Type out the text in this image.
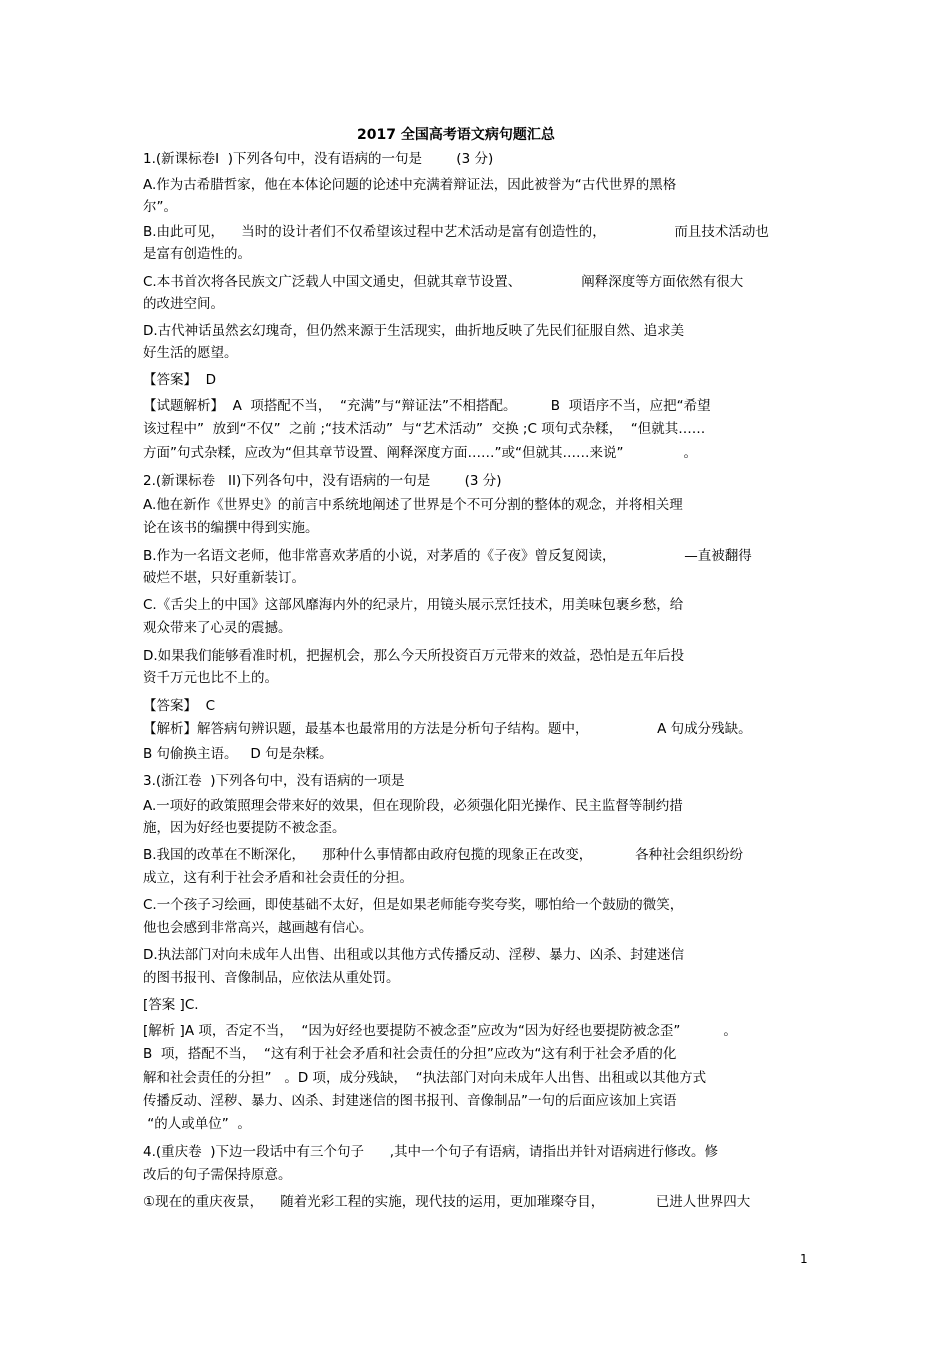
2017 全国高考语文病句题汇总
1.(新课标卷Ⅰ  )下列各句中，没有语病的一句是        (3 分)
A.作为古希腊哲家，他在本体论问题的论述中充满着辩证法，因此被誉为“古代世界的黑格
尔”。
B.由此可见，    当时的设计者们不仅希望该过程中艺术活动是富有创造性的，                而且技术活动也
是富有创造性的。
C.本书首次将各民族文广泛载人中国文通史，但就其章节设置、              阐释深度等方面依然有很大
的改进空间。
D.古代神话虽然玄幻瑰奇，但仍然来源于生活现实，曲折地反映了先民们征服自然、追求美
好生活的愿望。
【答案】  D
【试题解析】  A  项搭配不当，  “充满”与“辩证法”不相搭配。        B  项语序不当，应把“希望
该过程中”  放到“不仅”  之前 ;“技术活动”  与“艺术活动”  交换 ;C 项句式杂糅，  “但就其……
方面”句式杂糅，应改为“但其章节设置、阐释深度方面……”或“但就其……来说”              。
2.(新课标卷   II)下列各句中，没有语病的一句是        (3 分)
A.他在新作《世界史》的前言中系统地阐述了世界是个不可分割的整体的观念，并将相关理
论在该书的编撰中得到实施。
B.作为一名语文老师，他非常喜欢茅盾的小说，对茅盾的《子夜》曾反复阅读，                —直被翻得
破烂不堪，只好重新装订。
C.《舌尖上的中国》这部风靡海内外的纪录片，用镜头展示烹饪技术，用美味包裹乡愁，给
观众带来了心灵的震撼。
D.如果我们能够看准时机，把握机会，那么今天所投资百万元带来的效益，恐怕是五年后投
资千万元也比不上的。
【答案】  C
【解析】解答病句辨识题，最基本也最常用的方法是分析句子结构。题中，                A 句成分残缺。
B 句偷换主语。   D 句是杂糅。
3.(浙江卷  )下列各句中，没有语病的一项是
A.一项好的政策照理会带来好的效果，但在现阶段，必须强化阳光操作、民主监督等制约措
施，因为好经也要提防不被念歪。
B.我国的改革在不断深化，    那种什么事情都由政府包揽的现象正在改变，          各种社会组织纷纷
成立，这有利于社会矛盾和社会责任的分担。
C.一个孩子习绘画，即使基础不太好，但是如果老师能夸奖夸奖，哪怕给一个鼓励的微笑，
他也会感到非常高兴，越画越有信心。
D.执法部门对向未成年人出售、出租或以其他方式传播反动、淫秽、暴力、凶杀、封建迷信
的图书报刊、音像制品，应依法从重处罚。
[答案 ]C.
[解析 ]A 项，否定不当，  “因为好经也要提防不被念歪”应改为“因为好经也要提防被念歪”          。
B  项，搭配不当，  “这有利于社会矛盾和社会责任的分担”应改为“这有利于社会矛盾的化
解和社会责任的分担”   。D 项，成分残缺，  “执法部门对向未成年人出售、出租或以其他方式
传播反动、淫秽、暴力、凶杀、封建迷信的图书报刊、音像制品”一句的后面应该加上宾语
“的人或单位”  。
4.(重庆卷  )下边一段话中有三个句子      ,其中一个句子有语病，请指出并针对语病进行修改。修
改后的句子需保持原意。
①现在的重庆夜景，    随着光彩工程的实施，现代技的运用，更加璀璨夺目，            已进人世界四大
1
